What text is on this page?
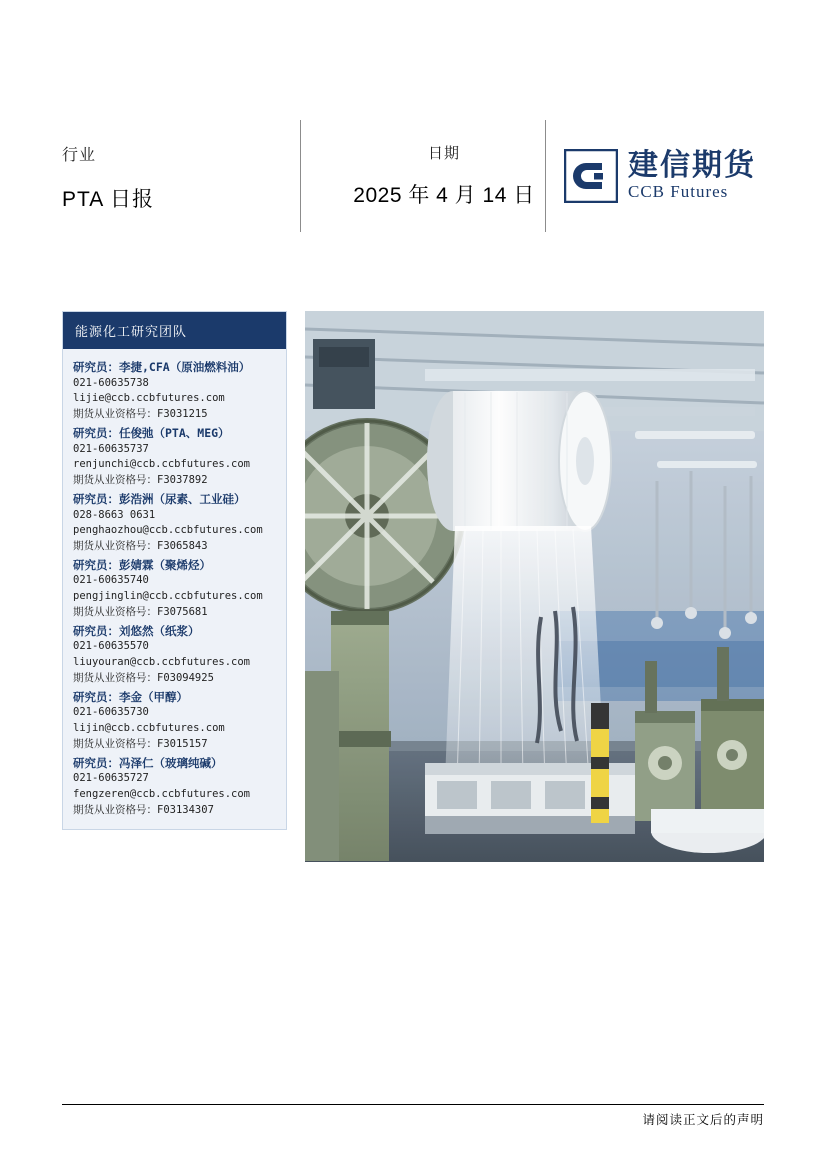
行业
PTA 日报
日期
2025 年 4 月 14 日
建信期货
CCB Futures
能源化工研究团队
研究员：李捷,CFA（原油燃料油）
021-60635738
lijie@ccb.ccbfutures.com
期货从业资格号：F3031215
研究员：任俊弛（PTA、MEG）
021-60635737
renjunchi@ccb.ccbfutures.com
期货从业资格号：F3037892
研究员：彭浩洲（尿素、工业硅）
028-8663 0631
penghaozhou@ccb.ccbfutures.com
期货从业资格号：F3065843
研究员：彭婧霖（聚烯烃）
021-60635740
pengjinglin@ccb.ccbfutures.com
期货从业资格号：F3075681
研究员：刘悠然（纸浆）
021-60635570
liuyouran@ccb.ccbfutures.com
期货从业资格号：F03094925
研究员：李金（甲醇）
021-60635730
lijin@ccb.ccbfutures.com
期货从业资格号：F3015157
研究员：冯泽仁（玻璃纯碱）
021-60635727
fengzeren@ccb.ccbfutures.com
期货从业资格号：F03134307
请阅读正文后的声明
